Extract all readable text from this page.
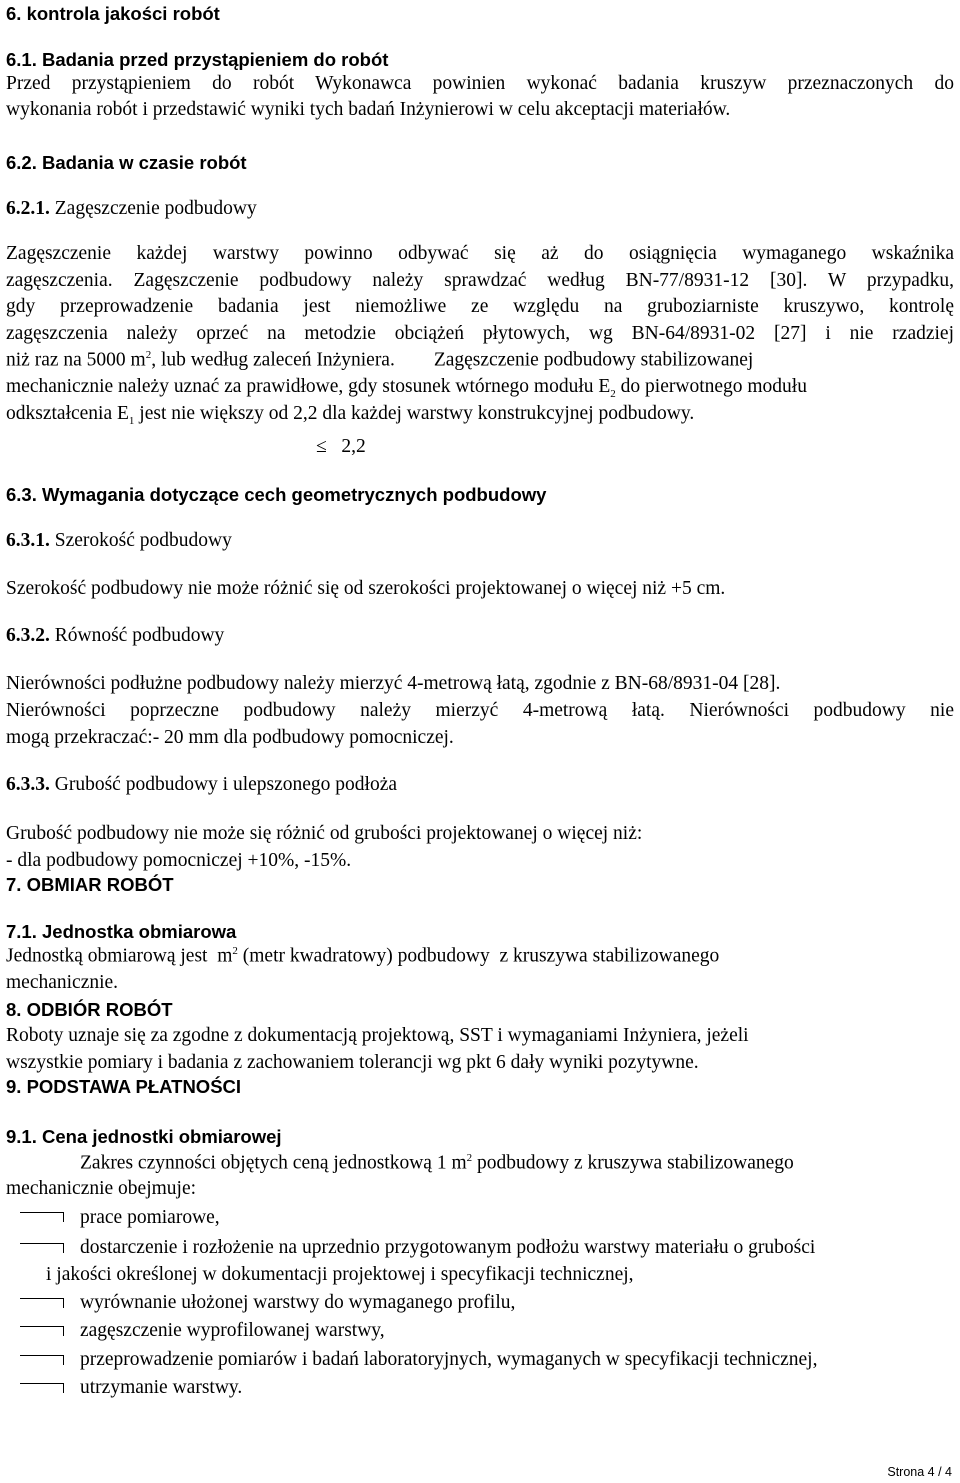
6. kontrola jakości robót
6.1. Badania przed przystąpieniem do robót
Przed przystąpieniem do robót Wykonawca powinien wykonać badania kruszyw przeznaczonych do
wykonania robót i przedstawić wyniki tych badań Inżynierowi w celu akceptacji materiałów.
6.2. Badania w czasie robót
6.2.1. Zagęszczenie podbudowy
Zagęszczenie każdej warstwy powinno odbywać się aż do osiągnięcia wymaganego wskaźnika
zagęszczenia. Zagęszczenie podbudowy należy sprawdzać według BN-77/8931-12 [30]. W przypadku,
gdy przeprowadzenie badania jest niemożliwe ze względu na gruboziarniste kruszywo, kontrolę
zagęszczenia należy oprzeć na metodzie obciążeń płytowych, wg BN-64/8931-02 [27] i nie rzadziej
niż raz na 5000 $m^2$, lub według zaleceń Inżyniera.        Zagęszczenie podbudowy stabilizowanej
mechanicznie należy uznać za prawidłowe, gdy stosunek wtórnego modułu $E_2$ do pierwotnego modułu
odkształcenia $E_1$ jest nie większy od 2,2 dla każdej warstwy konstrukcyjnej podbudowy.
≤ 2,2
6.3. Wymagania dotyczące cech geometrycznych podbudowy
6.3.1. Szerokość podbudowy
Szerokość podbudowy nie może różnić się od szerokości projektowanej o więcej niż +5 cm.
6.3.2. Równość podbudowy
Nierówności podłużne podbudowy należy mierzyć 4-metrową łatą, zgodnie z BN-68/8931-04 [28].
Nierówności poprzeczne podbudowy należy mierzyć 4-metrową łatą. Nierówności podbudowy nie
mogą przekraczać:- 20 mm dla podbudowy pomocniczej.
6.3.3. Grubość podbudowy i ulepszonego podłoża
Grubość podbudowy nie może się różnić od grubości projektowanej o więcej niż:
- dla podbudowy pomocniczej +10%, -15%.
7. OBMIAR ROBÓT
7.1. Jednostka obmiarowa
Jednostką obmiarową jest  $m^2$ (metr kwadratowy) podbudowy  z kruszywa stabilizowanego
mechanicznie.
8. ODBIÓR ROBÓT
Roboty uznaje się za zgodne z dokumentacją projektową, SST i wymaganiami Inżyniera, jeżeli
wszystkie pomiary i badania z zachowaniem tolerancji wg pkt 6 dały wyniki pozytywne.
9. PODSTAWA PŁATNOŚCI
9.1. Cena jednostki obmiarowej
Zakres czynności objętych ceną jednostkową 1 $m^2$ podbudowy z kruszywa stabilizowanego
mechanicznie obejmuje:
prace pomiarowe,
dostarczenie i rozłożenie na uprzednio przygotowanym podłożu warstwy materiału o grubości
i jakości określonej w dokumentacji projektowej i specyfikacji technicznej,
wyrównanie ułożonej warstwy do wymaganego profilu,
zagęszczenie wyprofilowanej warstwy,
przeprowadzenie pomiarów i badań laboratoryjnych, wymaganych w specyfikacji technicznej,
utrzymanie warstwy.
Strona 4 / 4
